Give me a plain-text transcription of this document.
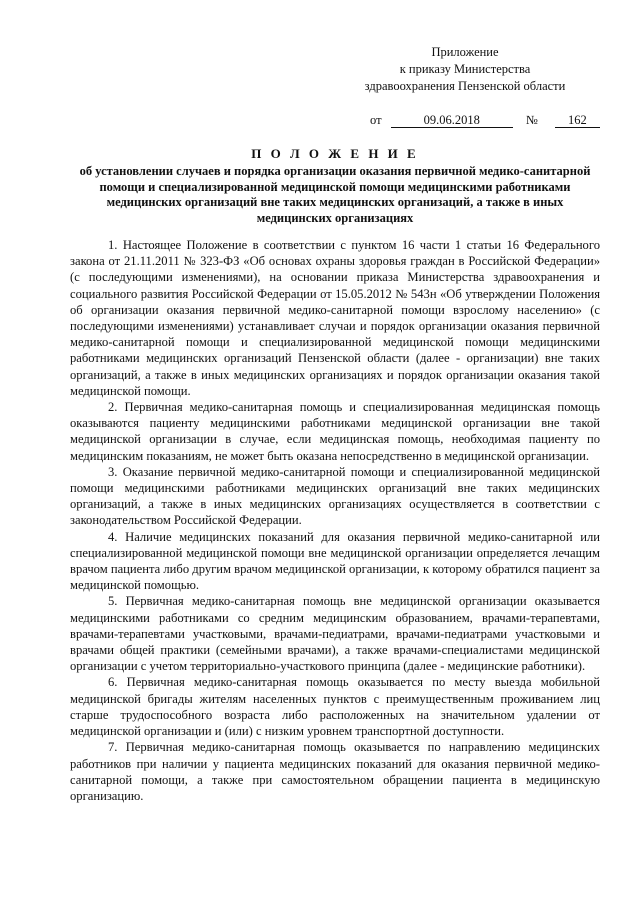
Приложение
к приказу Министерства
здравоохранения Пензенской области
от	09.06.2018	№ 162
П О Л О Ж Е Н И Е
об установлении случаев и порядка организации оказания первичной медико-санитарной помощи и специализированной медицинской помощи медицинскими работниками медицинских организаций вне таких медицинских организаций, а также в иных медицинских организациях

1. Настоящее Положение в соответствии с пунктом 16 части 1 статьи 16 Федерального закона от 21.11.2011 № 323-ФЗ «Об основах охраны здоровья граждан в Российской Федерации» (с последующими изменениями), на основании приказа Министерства здравоохранения и социального развития Российской Федерации от 15.05.2012 № 543н «Об утверждении Положения об организации оказания первичной медико-санитарной помощи взрослому населению» (с последующими изменениями) устанавливает случаи и порядок организации оказания первичной медико-санитарной помощи и специализированной медицинской помощи медицинскими работниками медицинских организаций Пензенской области (далее - организации) вне таких организаций, а также в иных медицинских организациях и порядок организации оказания такой медицинской помощи.

2. Первичная медико-санитарная помощь и специализированная медицинская помощь оказываются пациенту медицинскими работниками медицинской организации вне такой медицинской организации в случае, если медицинская помощь, необходимая пациенту по медицинским показаниям, не может быть оказана непосредственно в медицинской организации.

3. Оказание первичной медико-санитарной помощи и специализированной медицинской помощи медицинскими работниками медицинских организаций вне таких медицинских организаций, а также в иных медицинских организациях осуществляется в соответствии с законодательством Российской Федерации.

4. Наличие медицинских показаний для оказания первичной медико-санитарной или специализированной медицинской помощи вне медицинской организации определяется лечащим врачом пациента либо другим врачом медицинской организации, к которому обратился пациент за медицинской помощью.

5. Первичная медико-санитарная помощь вне медицинской организации оказывается медицинскими работниками со средним медицинским образованием, врачами-терапевтами, врачами-терапевтами участковыми, врачами-педиатрами, врачами-педиатрами участковыми и врачами общей практики (семейными врачами), а также врачами-специалистами медицинской организации с учетом территориально-участкового принципа (далее - медицинские работники).

6. Первичная медико-санитарная помощь оказывается по месту выезда мобильной медицинской бригады жителям населенных пунктов с преимущественным проживанием лиц старше трудоспособного возраста либо расположенных на значительном удалении от медицинской организации и (или) с низким уровнем транспортной доступности.

7. Первичная медико-санитарная помощь оказывается по направлению медицинских работников при наличии у пациента медицинских показаний для оказания первичной медико-санитарной помощи, а также при самостоятельном обращении пациента в медицинскую организацию.
